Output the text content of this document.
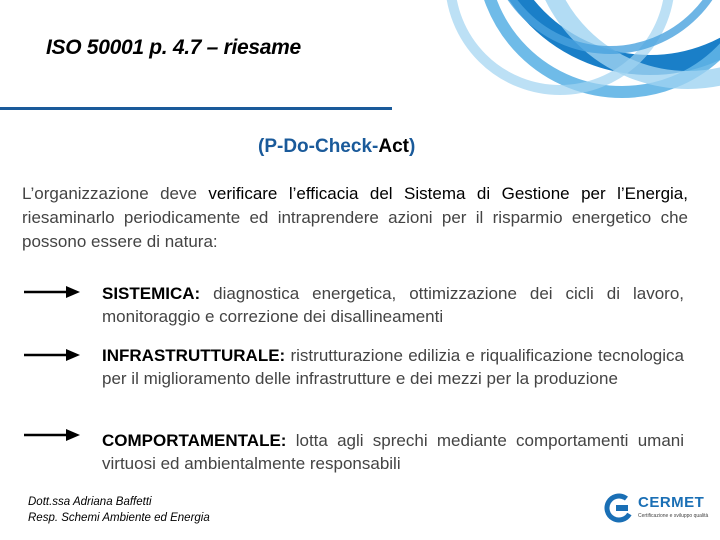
ISO 50001 p. 4.7 – riesame
(P-Do-Check-Act)
L’organizzazione deve verificare l’efficacia del Sistema di Gestione per l’Energia, riesaminarlo periodicamente ed intraprendere azioni per il risparmio energetico che possono essere di natura:
SISTEMICA: diagnostica energetica, ottimizzazione dei cicli di lavoro, monitoraggio e correzione dei disallineamenti
INFRASTRUTTURALE: ristrutturazione edilizia e riqualificazione tecnologica per il miglioramento delle infrastrutture e dei mezzi per la produzione
COMPORTAMENTALE: lotta agli sprechi mediante comportamenti umani virtuosi ed ambientalmente responsabili
Dott.ssa Adriana Baffetti
Resp. Schemi Ambiente ed Energia
CERMET
Certificazione e sviluppo qualità
